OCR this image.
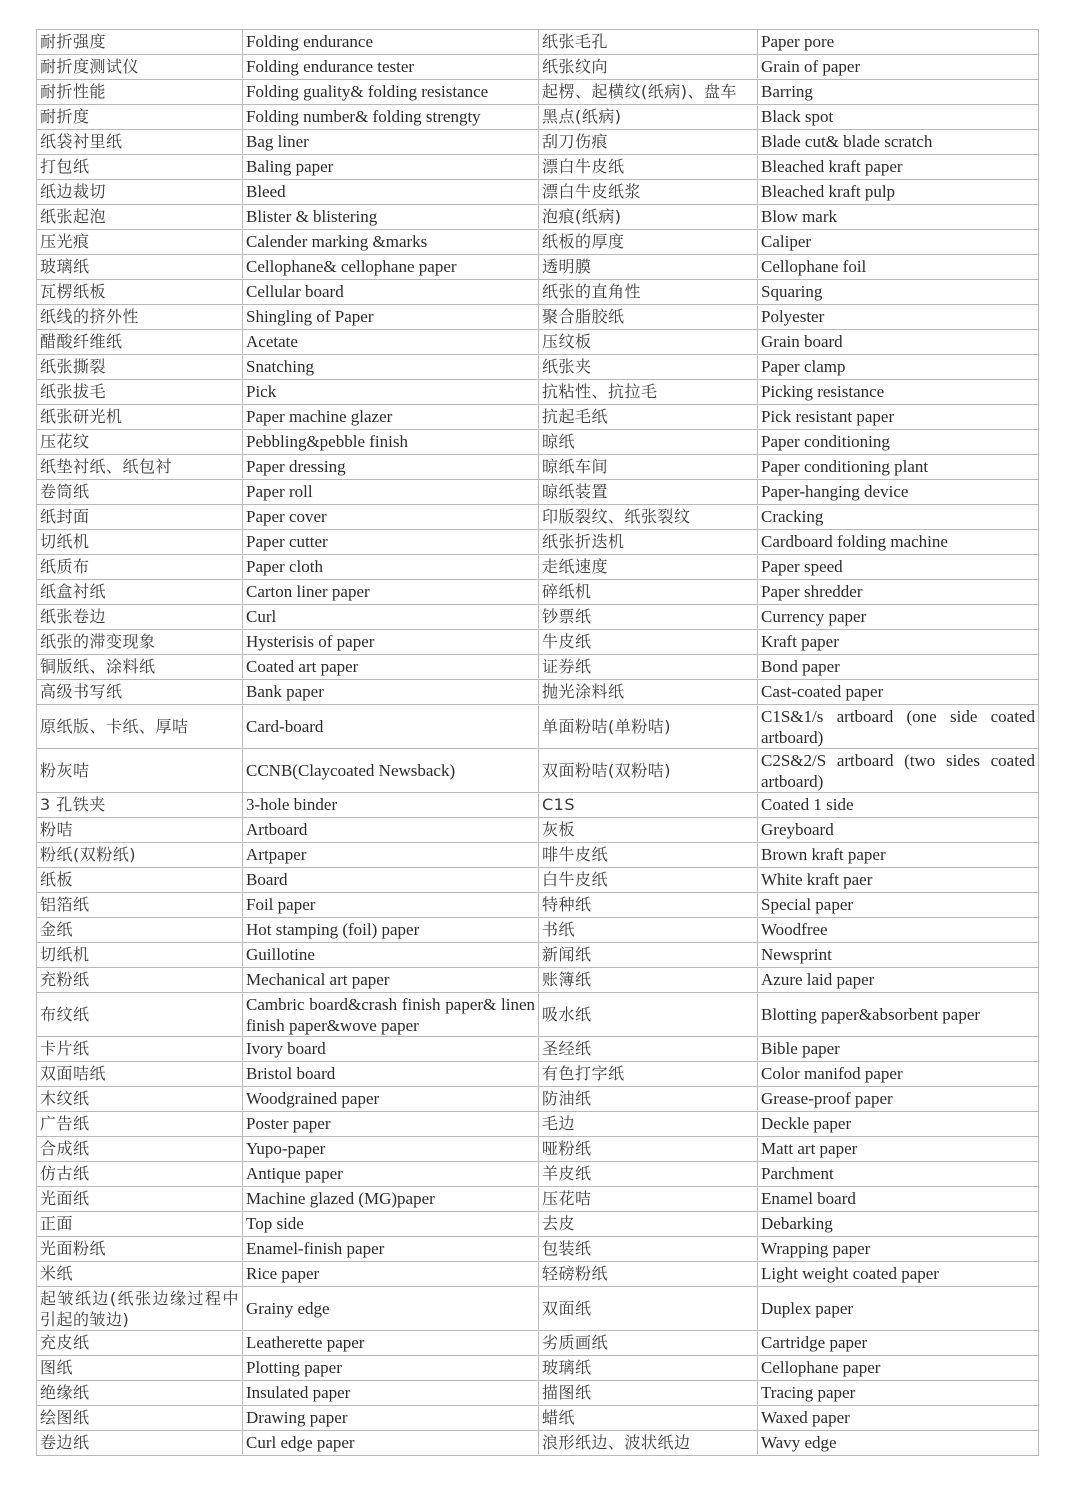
耐折强度	Folding endurance	纸张毛孔	Paper pore
耐折度测试仪	Folding endurance tester	纸张纹向	Grain of paper
耐折性能	Folding guality& folding resistance	起楞、起横纹(纸病)、盘车	Barring
耐折度	Folding number& folding strengty	黑点(纸病)	Black spot
纸袋衬里纸	Bag liner	刮刀伤痕	Blade cut& blade scratch
打包纸	Baling paper	漂白牛皮纸	Bleached kraft paper
纸边裁切	Bleed	漂白牛皮纸浆	Bleached kraft pulp
纸张起泡	Blister & blistering	泡痕(纸病)	Blow mark
压光痕	Calender marking &marks	纸板的厚度	Caliper
玻璃纸	Cellophane& cellophane paper	透明膜	Cellophane foil
瓦楞纸板	Cellular board	纸张的直角性	Squaring
纸线的挤外性	Shingling of Paper	聚合脂胶纸	Polyester
醋酸纤维纸	Acetate	压纹板	Grain board
纸张撕裂	Snatching	纸张夹	Paper clamp
纸张拔毛	Pick	抗粘性、抗拉毛	Picking resistance
纸张研光机	Paper machine glazer	抗起毛纸	Pick resistant paper
压花纹	Pebbling&pebble finish	晾纸	Paper conditioning
纸垫衬纸、纸包衬	Paper dressing	晾纸车间	Paper conditioning plant
卷筒纸	Paper roll	晾纸装置	Paper-hanging device
纸封面	Paper cover	印版裂纹、纸张裂纹	Cracking
切纸机	Paper cutter	纸张折迭机	Cardboard folding machine
纸质布	Paper cloth	走纸速度	Paper speed
纸盒衬纸	Carton liner paper	碎纸机	Paper shredder
纸张卷边	Curl	钞票纸	Currency paper
纸张的滞变现象	Hysterisis of paper	牛皮纸	Kraft paper
铜版纸、涂料纸	Coated art paper	证券纸	Bond paper
高级书写纸	Bank paper	抛光涂料纸	Cast-coated paper
原纸版、卡纸、厚咭	Card-board	单面粉咭(单粉咭)	C1S&1/s artboard (one side coated artboard)
粉灰咭	CCNB(Claycoated Newsback)	双面粉咭(双粉咭)	C2S&2/S artboard (two sides coated artboard)
3 孔铁夹	3-hole binder	C1S	Coated 1 side
粉咭	Artboard	灰板	Greyboard
粉纸(双粉纸)	Artpaper	啡牛皮纸	Brown kraft paper
纸板	Board	白牛皮纸	White kraft paer
铝箔纸	Foil paper	特种纸	Special paper
金纸	Hot stamping (foil) paper	书纸	Woodfree
切纸机	Guillotine	新闻纸	Newsprint
充粉纸	Mechanical art paper	账簿纸	Azure laid paper
布纹纸	Cambric board&crash finish paper& linen finish paper&wove paper	吸水纸	Blotting paper&absorbent paper
卡片纸	Ivory board	圣经纸	Bible paper
双面咭纸	Bristol board	有色打字纸	Color manifod paper
木纹纸	Woodgrained paper	防油纸	Grease-proof paper
广告纸	Poster paper	毛边	Deckle paper
合成纸	Yupo-paper	哑粉纸	Matt art paper
仿古纸	Antique paper	羊皮纸	Parchment
光面纸	Machine glazed (MG)paper	压花咭	Enamel board
正面	Top side	去皮	Debarking
光面粉纸	Enamel-finish paper	包装纸	Wrapping paper
米纸	Rice paper	轻磅粉纸	Light weight coated paper
起皱纸边(纸张边缘过程中引起的皱边)	Grainy edge	双面纸	Duplex paper
充皮纸	Leatherette paper	劣质画纸	Cartridge paper
图纸	Plotting paper	玻璃纸	Cellophane paper
绝缘纸	Insulated paper	描图纸	Tracing paper
绘图纸	Drawing paper	蜡纸	Waxed paper
卷边纸	Curl edge paper	浪形纸边、波状纸边	Wavy edge
